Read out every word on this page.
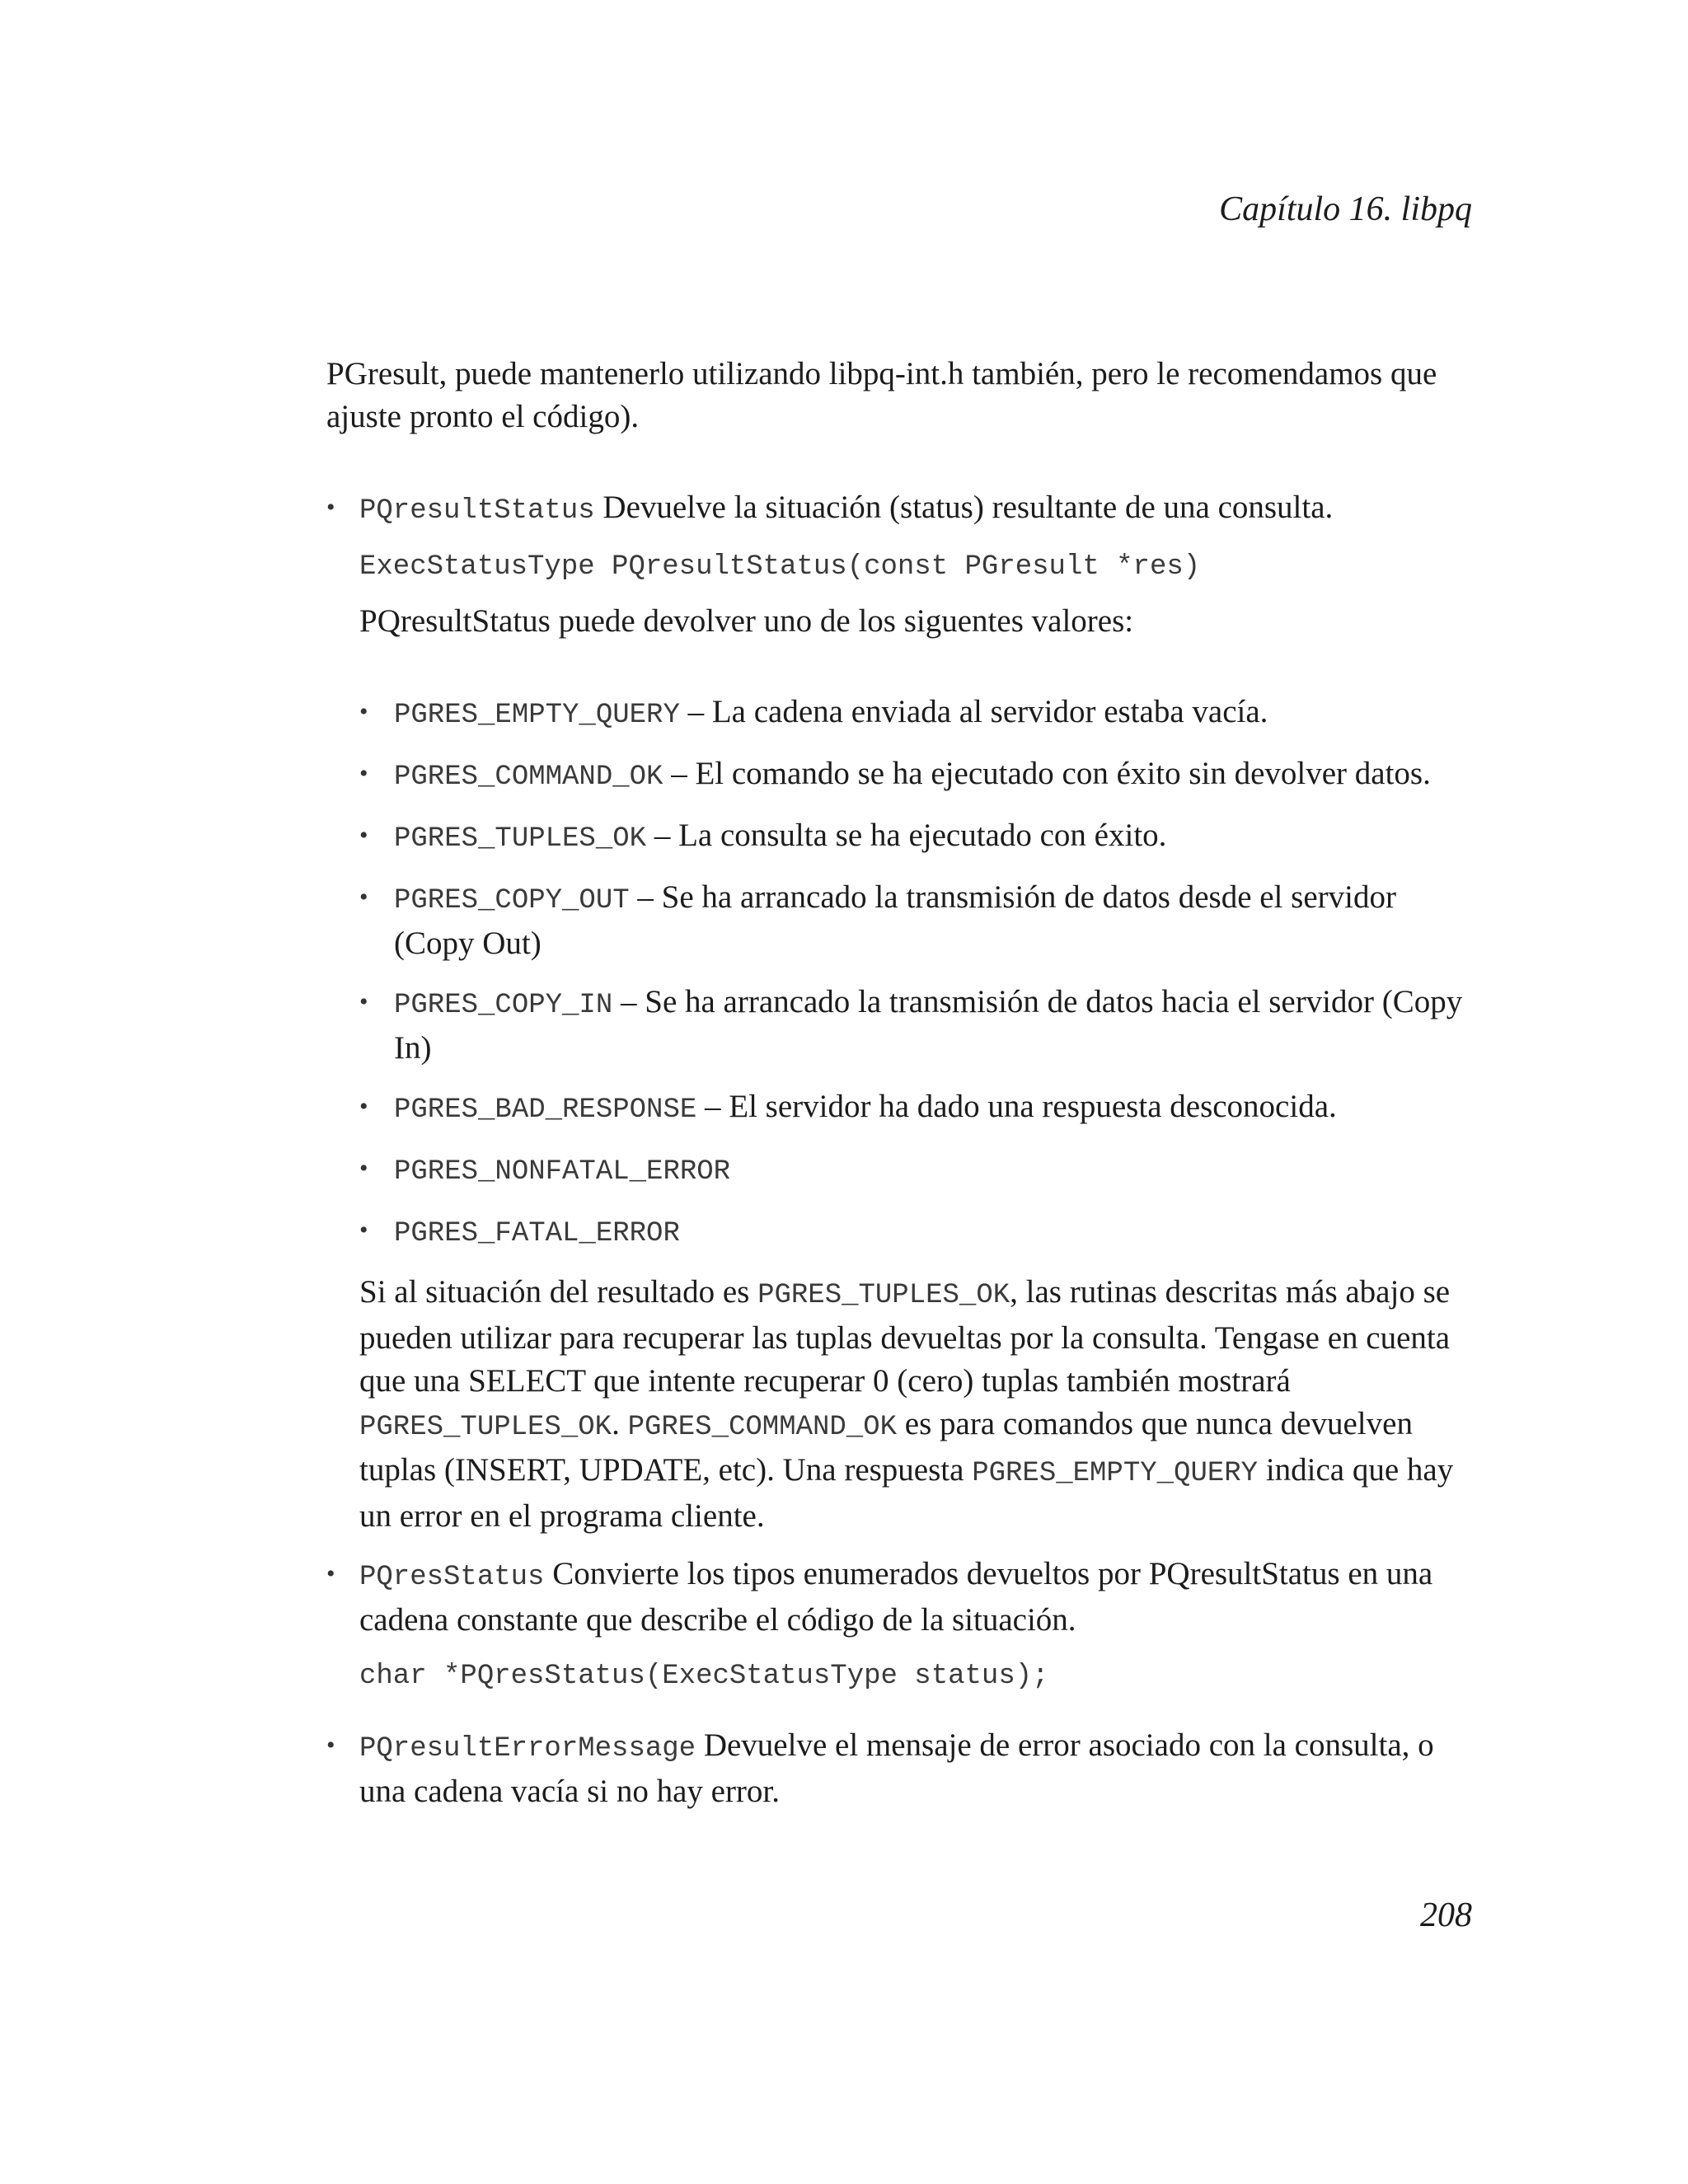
Capítulo 16. libpq

PGresult, puede mantenerlo utilizando libpq-int.h también, pero le recomendamos que ajuste pronto el código).

• PQresultStatus Devuelve la situación (status) resultante de una consulta.

ExecStatusType PQresultStatus(const PGresult *res)

PQresultStatus puede devolver uno de los siguentes valores:

• PGRES_EMPTY_QUERY – La cadena enviada al servidor estaba vacía.
• PGRES_COMMAND_OK – El comando se ha ejecutado con éxito sin devolver datos.
• PGRES_TUPLES_OK – La consulta se ha ejecutado con éxito.
• PGRES_COPY_OUT – Se ha arrancado la transmisión de datos desde el servidor (Copy Out)
• PGRES_COPY_IN – Se ha arrancado la transmisión de datos hacia el servidor (Copy In)
• PGRES_BAD_RESPONSE – El servidor ha dado una respuesta desconocida.
• PGRES_NONFATAL_ERROR
• PGRES_FATAL_ERROR

Si al situación del resultado es PGRES_TUPLES_OK, las rutinas descritas más abajo se pueden utilizar para recuperar las tuplas devueltas por la consulta. Tengase en cuenta que una SELECT que intente recuperar 0 (cero) tuplas también mostrará PGRES_TUPLES_OK. PGRES_COMMAND_OK es para comandos que nunca devuelven tuplas (INSERT, UPDATE, etc). Una respuesta PGRES_EMPTY_QUERY indica que hay un error en el programa cliente.

• PQresStatus Convierte los tipos enumerados devueltos por PQresultStatus en una cadena constante que describe el código de la situación.

char *PQresStatus(ExecStatusType status);
• PQresultErrorMessage Devuelve el mensaje de error asociado con la consulta, o una cadena vacía si no hay error.

208
